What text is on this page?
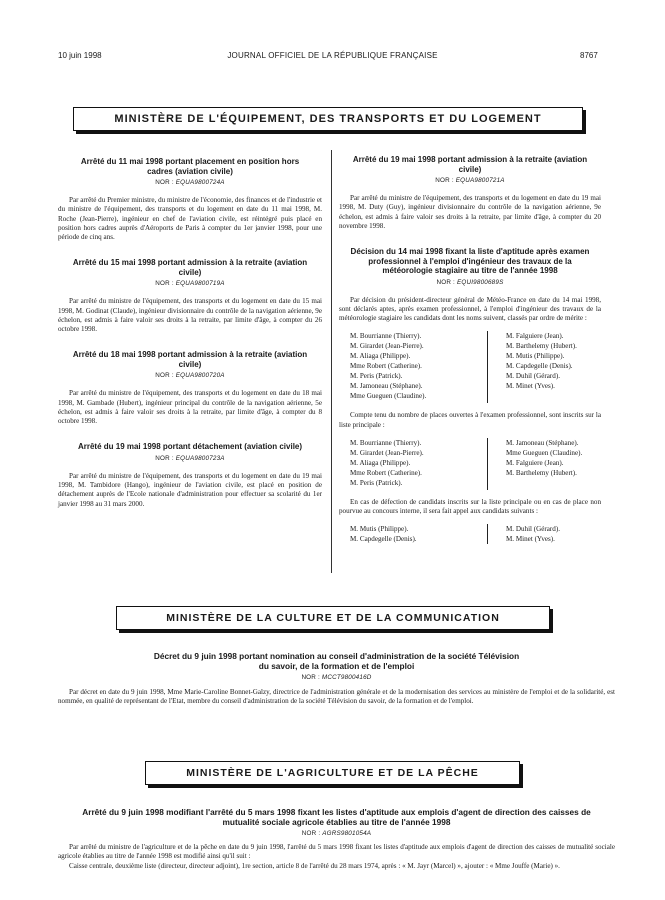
10 juin 1998	JOURNAL OFFICIEL DE LA RÉPUBLIQUE FRANÇAISE	8767
MINISTÈRE DE L'ÉQUIPEMENT, DES TRANSPORTS ET DU LOGEMENT
Arrêté du 11 mai 1998 portant placement en position hors cadres (aviation civile)
NOR : EQUA9800724A

Par arrêté du Premier ministre, du ministre de l'économie, des finances et de l'industrie et du ministre de l'équipement, des transports et du logement en date du 11 mai 1998, M. Roche (Jean-Pierre), ingénieur en chef de l'aviation civile, est réintégré puis placé en position hors cadres auprès d'Aéroports de Paris à compter du 1er janvier 1998, pour une période de cinq ans.

Arrêté du 15 mai 1998 portant admission à la retraite (aviation civile)
NOR : EQUA9800719A

Par arrêté du ministre de l'équipement, des transports et du logement en date du 15 mai 1998, M. Godinat (Claude), ingénieur divisionnaire du contrôle de la navigation aérienne, 9e échelon, est admis à faire valoir ses droits à la retraite, par limite d'âge, à compter du 26 octobre 1998.

Arrêté du 18 mai 1998 portant admission à la retraite (aviation civile)
NOR : EQUA9800720A

Par arrêté du ministre de l'équipement, des transports et du logement en date du 18 mai 1998, M. Gambade (Hubert), ingénieur principal du contrôle de la navigation aérienne, 5e échelon, est admis à faire valoir ses droits à la retraite, par limite d'âge, à compter du 8 octobre 1998.

Arrêté du 19 mai 1998 portant détachement (aviation civile)
NOR : EQUA9800723A

Par arrêté du ministre de l'équipement, des transports et du logement en date du 19 mai 1998, M. Tambidore (Hango), ingénieur de l'aviation civile, est placé en position de détachement auprès de l'Ecole nationale d'administration pour effectuer sa scolarité du 1er janvier 1998 au 31 mars 2000.

Arrêté du 19 mai 1998 portant admission à la retraite (aviation civile)
NOR : EQUA9800721A

Par arrêté du ministre de l'équipement, des transports et du logement en date du 19 mai 1998, M. Duty (Guy), ingénieur divisionnaire du contrôle de la navigation aérienne, 9e échelon, est admis à faire valoir ses droits à la retraite, par limite d'âge, à compter du 20 novembre 1998.

Décision du 14 mai 1998 fixant la liste d'aptitude après examen professionnel à l'emploi d'ingénieur des travaux de la météorologie stagiaire au titre de l'année 1998
NOR : EQUI9800689S

Par décision du président-directeur général de Météo-France en date du 14 mai 1998, sont déclarés aptes, après examen professionnel, à l'emploi d'ingénieur des travaux de la météorologie stagiaire les candidats dont les noms suivent, classés par ordre de mérite :

M. Bourrianne (Thierry).
M. Girardet (Jean-Pierre).
M. Aliaga (Philippe).
Mme Robert (Catherine).
M. Peris (Patrick).
M. Jamoneau (Stéphane).
Mme Gueguen (Claudine).
M. Falguiere (Jean).
M. Barthelemy (Hubert).
M. Mutis (Philippe).
M. Capdegelle (Denis).
M. Duhil (Gérard).
M. Minet (Yves).

Compte tenu du nombre de places ouvertes à l'examen professionnel, sont inscrits sur la liste principale :

M. Bourrianne (Thierry).
M. Girardet (Jean-Pierre).
M. Aliaga (Philippe).
Mme Robert (Catherine).
M. Peris (Patrick).
M. Jamoneau (Stéphane).
Mme Gueguen (Claudine).
M. Falguiere (Jean).
M. Barthelemy (Hubert).

En cas de défection de candidats inscrits sur la liste principale ou en cas de place non pourvue au concours interne, il sera fait appel aux candidats suivants :

M. Mutis (Philippe).
M. Capdegelle (Denis).
M. Duhil (Gérard).
M. Minet (Yves).
MINISTÈRE DE LA CULTURE ET DE LA COMMUNICATION
Décret du 9 juin 1998 portant nomination au conseil d'administration de la société Télévision du savoir, de la formation et de l'emploi
NOR : MCCT9800416D

Par décret en date du 9 juin 1998, Mme Marie-Caroline Bonnet-Galzy, directrice de l'administration générale et de la modernisation des services au ministère de l'emploi et de la solidarité, est nommée, en qualité de représentant de l'Etat, membre du conseil d'administration de la société Télévision du savoir, de la formation et de l'emploi.

MINISTÈRE DE L'AGRICULTURE ET DE LA PÊCHE
Arrêté du 9 juin 1998 modifiant l'arrêté du 5 mars 1998 fixant les listes d'aptitude aux emplois d'agent de direction des caisses de mutualité sociale agricole établies au titre de l'année 1998
NOR : AGRS9801054A

Par arrêté du ministre de l'agriculture et de la pêche en date du 9 juin 1998, l'arrêté du 5 mars 1998 fixant les listes d'aptitude aux emplois d'agent de direction des caisses de mutualité sociale agricole établies au titre de l'année 1998 est modifié ainsi qu'il suit :

Caisse centrale, deuxième liste (directeur, directeur adjoint), 1re section, article 8 de l'arrêté du 28 mars 1974, après : « M. Jayr (Marcel) », ajouter : « Mme Jouffe (Marie) ».
